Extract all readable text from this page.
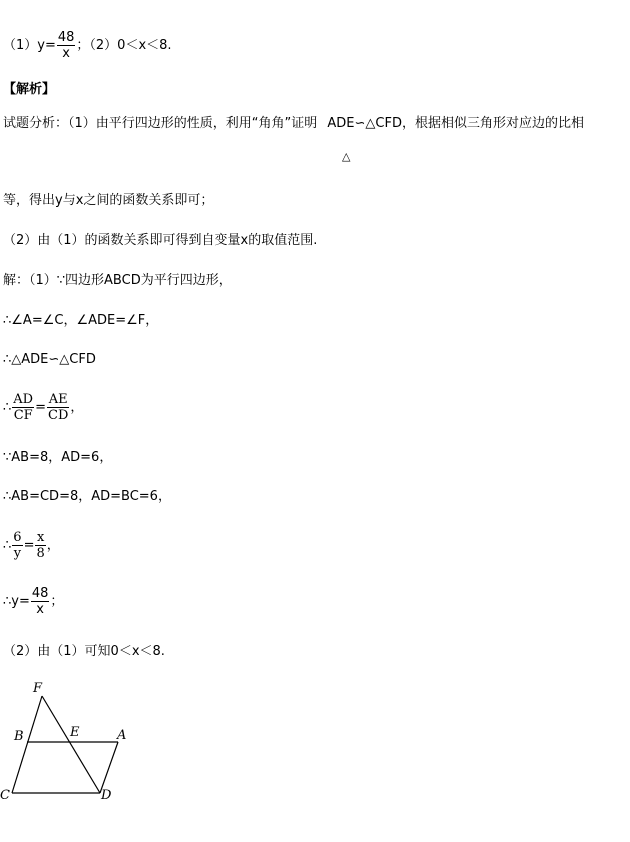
$(1)y= \frac{48}{x}$ ；（2）0＜x＜8.
【解析】
试题分析：（1）由平行四边形的性质，利用“角角”证明 ADE∽△CFD，根据相似三角形对应边的比相
△
等，得出y与x之间的函数关系即可；
（2）由（1）的函数关系即可得到自变量x的取值范围.
解：（1）∵四边形ABCD为平行四边形，
∴∠A=∠C，∠ADE=∠F，
∴△ADE∽△CFD
∴ $\frac{AD}{CF} = \frac{AE}{CD}$ ，
∵AB=8，AD=6，
∴AB=CD=8，AD=BC=6，
∴ $\frac{6}{y} = \frac{x}{8}$ ，
∴y= $\frac{48}{x}$ ；
（2）由（1）可知0＜x＜8.
F
B	E	A
C	D
